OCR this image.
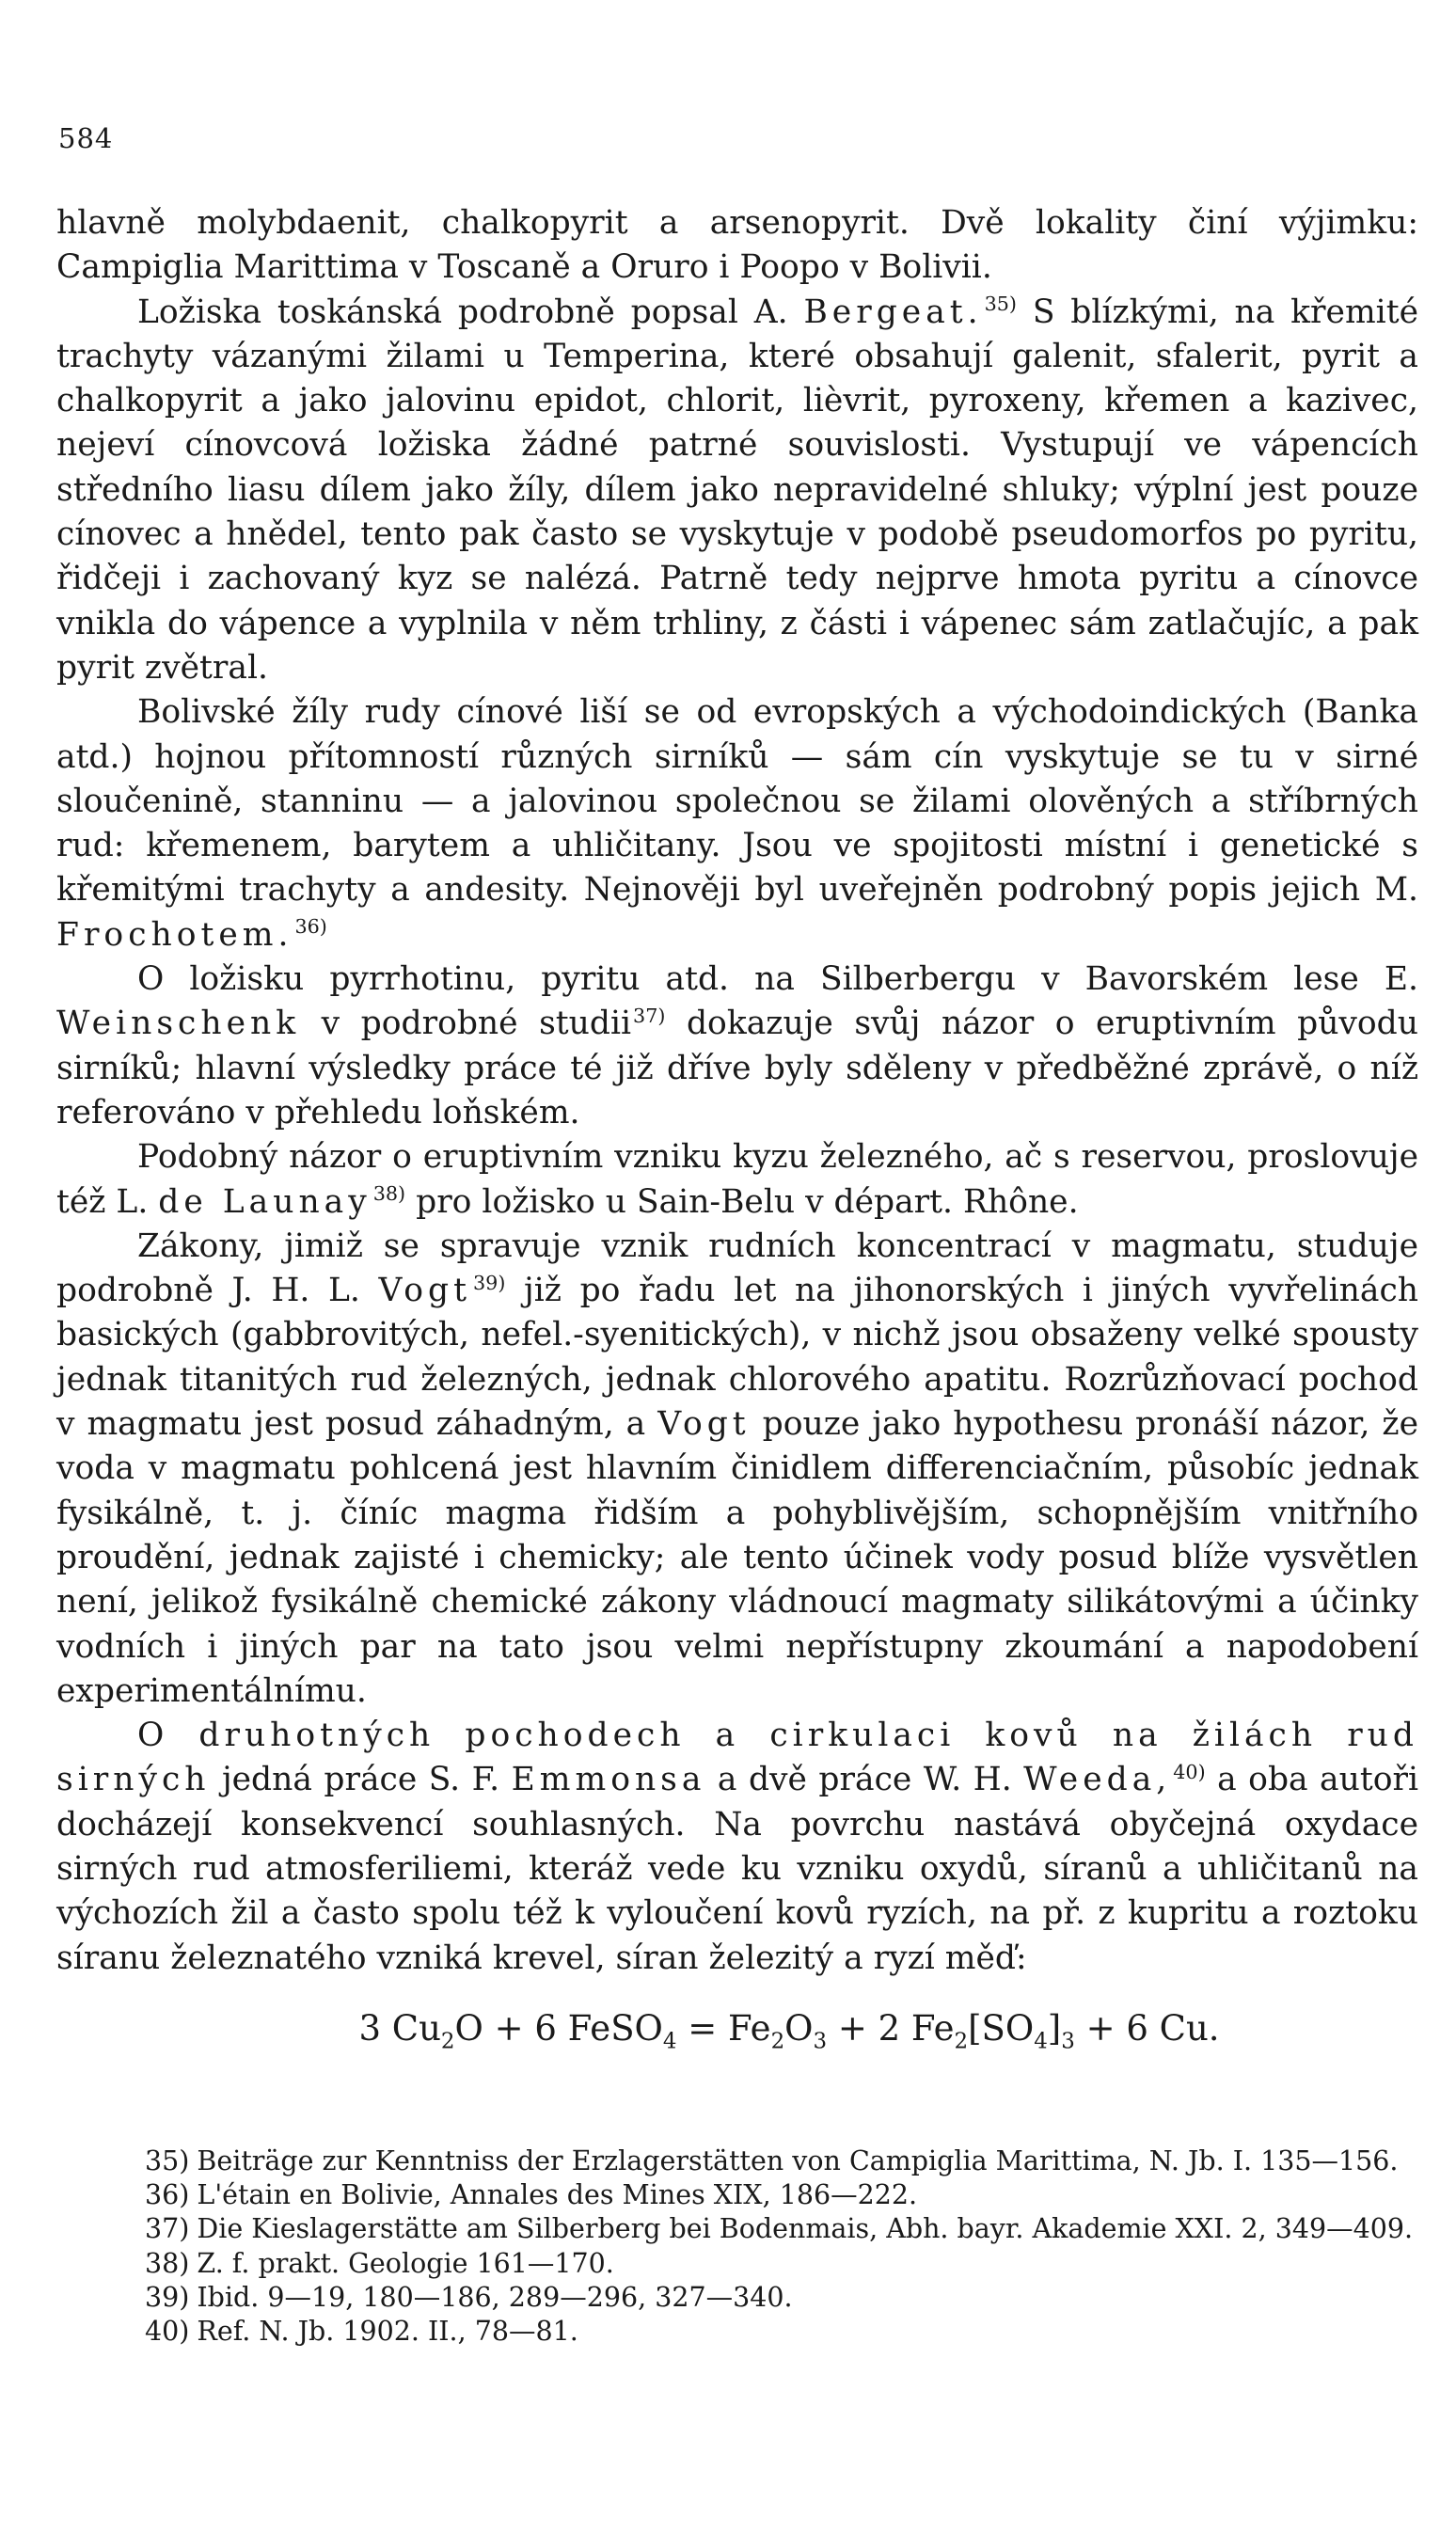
584

hlavně molybdaenit, chalkopyrit a arsenopyrit. Dvě lokality činí výjimku: Campiglia Marittima v Toscaně a Oruro i Poopo v Bolivii.

Ložiska toskánská podrobně popsal A. Bergeat.$^{35)}$ S blízkými, na křemité trachyty vázanými žilami u Temperina, které obsahují galenit, sfalerit, pyrit a chalkopyrit a jako jalovinu epidot, chlorit, lièvrit, pyroxeny, křemen a kazivec, nejeví cínovcová ložiska žádné patrné souvislosti. Vystupují ve vápencích středního liasu dílem jako žíly, dílem jako nepravidelné shluky; výplní jest pouze cínovec a hnědel, tento pak často se vyskytuje v podobě pseudomorfos po pyritu, řidčeji i zachovaný kyz se nalézá. Patrně tedy nejprve hmota pyritu a cínovce vnikla do vápence a vyplnila v něm trhliny, z části i vápenec sám zatlačujíc, a pak pyrit zvětral.

Bolivské žíly rudy cínové liší se od evropských a východoindických (Banka atd.) hojnou přítomností různých sirníků — sám cín vyskytuje se tu v sirné sloučenině, stanninu — a jalovinou společnou se žilami olověných a stříbrných rud: křemenem, barytem a uhličitany. Jsou ve spojitosti místní i genetické s křemitými trachyty a andesity. Nejnověji byl uveřejněn podrobný popis jejich M. Frochotem.$^{36)}$

O ložisku pyrrhotinu, pyritu atd. na Silberbergu v Bavorském lese E. Weinschenk v podrobné studii$^{37)}$ dokazuje svůj názor o eruptivním původu sirníků; hlavní výsledky práce té již dříve byly sděleny v předběžné zprávě, o níž referováno v přehledu loňském.

Podobný názor o eruptivním vzniku kyzu železného, ač s reservou, proslovuje též L. de Launay$^{38)}$ pro ložisko u Sain-Belu v départ. Rhône.

Zákony, jimiž se spravuje vznik rudních koncentrací v magmatu, studuje podrobně J. H. L. Vogt$^{39)}$ již po řadu let na jihonorských i jiných vyvřelinách basických (gabbrovitých, nefel.-syenitických), v nichž jsou obsaženy velké spousty jednak titanitých rud železných, jednak chlorového apatitu. Rozrůzňovací pochod v magmatu jest posud záhadným, a Vogt pouze jako hypothesu pronáší názor, že voda v magmatu pohlcená jest hlavním činidlem differenciačním, působíc jednak fysikálně, t. j. číníc magma řidším a pohyblivějším, schopnějším vnitřního proudění, jednak zajisté i chemicky; ale tento účinek vody posud blíže vysvětlen není, jelikož fysikálně chemické zákony vládnoucí magmaty silikátovými a účinky vodních i jiných par na tato jsou velmi nepřístupny zkoumání a napodobení experimentálnímu.

O druhotných pochodech a cirkulaci kovů na žilách rud sirných jedná práce S. F. Emmonsa a dvě práce W. H. Weeda,$^{40)}$ a oba autoři docházejí konsekvencí souhlasných. Na povrchu nastává obyčejná oxydace sirných rud atmosferiliemi, kteráž vede ku vzniku oxydů, síranů a uhličitanů na výchozích žil a často spolu též k vyloučení kovů ryzích, na př. z kupritu a roztoku síranu železnatého vzniká krevel, síran železitý a ryzí měď:

3 $Cu_2O + 6$ FeSO$_4$ = $Fe_2O_3 + 2$ $Fe_2[SO_4]_3 + 6$ Cu.

35) Beiträge zur Kenntniss der Erzlagerstätten von Campiglia Marittima, N. Jb. I. 135—156.

36) L'étain en Bolivie, Annales des Mines XIX, 186—222.

37) Die Kieslagerstätte am Silberberg bei Bodenmais, Abh. bayr. Akademie XXI. 2, 349—409.

38) Z. f. prakt. Geologie 161—170.

39) Ibid. 9—19, 180—186, 289—296, 327—340.

40) Ref. N. Jb. 1902. II., 78—81.
